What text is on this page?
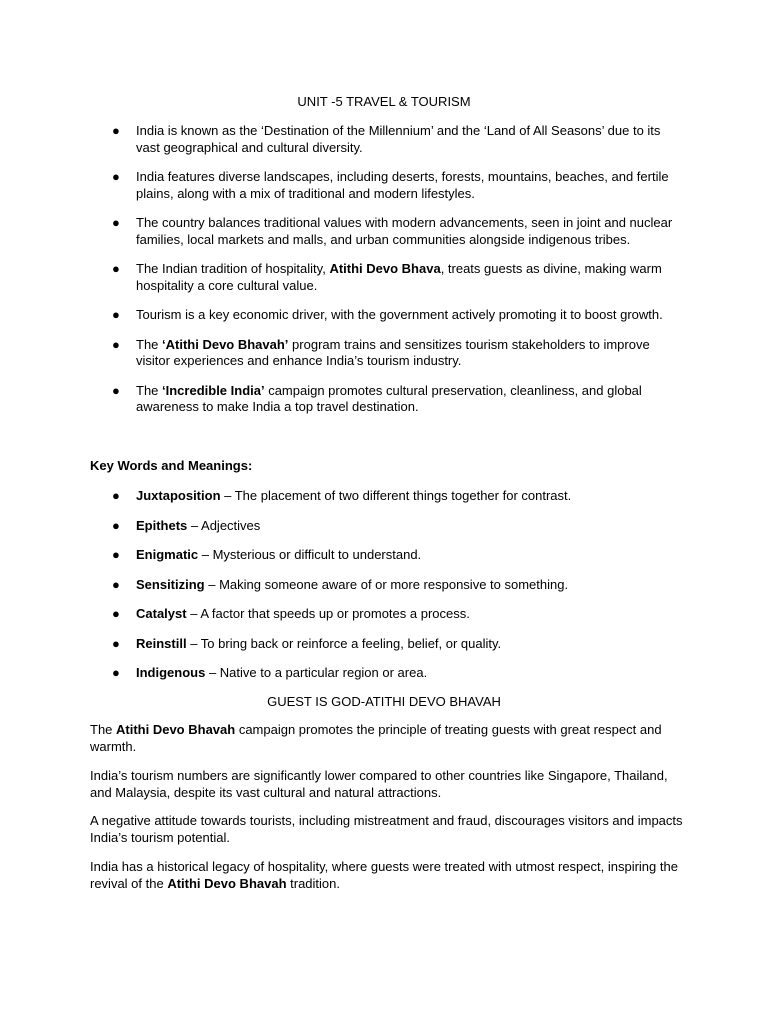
UNIT -5 TRAVEL & TOURISM
● India is known as the ‘Destination of the Millennium’ and the ‘Land of All Seasons’ due to its vast geographical and cultural diversity.
● India features diverse landscapes, including deserts, forests, mountains, beaches, and fertile plains, along with a mix of traditional and modern lifestyles.
● The country balances traditional values with modern advancements, seen in joint and nuclear families, local markets and malls, and urban communities alongside indigenous tribes.
● The Indian tradition of hospitality, Atithi Devo Bhava, treats guests as divine, making warm hospitality a core cultural value.
● Tourism is a key economic driver, with the government actively promoting it to boost growth.
● The ‘Atithi Devo Bhavah’ program trains and sensitizes tourism stakeholders to improve visitor experiences and enhance India’s tourism industry.
● The ‘Incredible India’ campaign promotes cultural preservation, cleanliness, and global awareness to make India a top travel destination.
Key Words and Meanings:
● Juxtaposition – The placement of two different things together for contrast.
● Epithets – Adjectives
● Enigmatic – Mysterious or difficult to understand.
● Sensitizing – Making someone aware of or more responsive to something.
● Catalyst – A factor that speeds up or promotes a process.
● Reinstill – To bring back or reinforce a feeling, belief, or quality.
● Indigenous – Native to a particular region or area.
GUEST IS GOD-ATITHI DEVO BHAVAH

The Atithi Devo Bhavah campaign promotes the principle of treating guests with great respect and warmth.

India’s tourism numbers are significantly lower compared to other countries like Singapore, Thailand, and Malaysia, despite its vast cultural and natural attractions.

A negative attitude towards tourists, including mistreatment and fraud, discourages visitors and impacts India’s tourism potential.

India has a historical legacy of hospitality, where guests were treated with utmost respect, inspiring the revival of the Atithi Devo Bhavah tradition.
